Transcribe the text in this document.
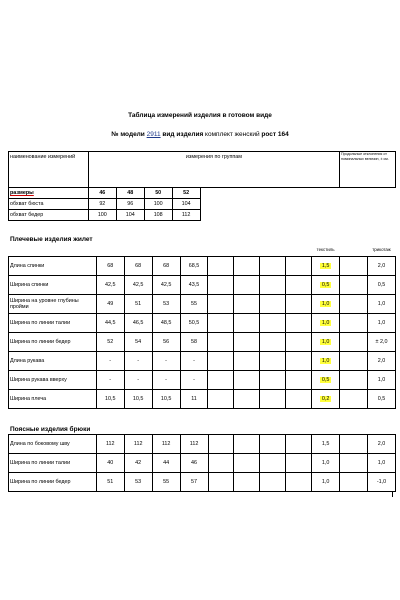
Таблица измерений изделия в готовом виде
№ модели 2911 вид изделия комплект женский рост 164
наименование измерений	измерения по группам									Продольные отклонения от номинальных величин, ± см.
размеры	46	48	50	52						
обхват бюста	92	96	100	104						
обхват бедер	100	104	108	112						
Плечевые изделия жилет
									текстиль		трикотаж
Длина спинки	68	68	68	68,5					1,5		2,0
Ширина спинки	42,5	42,5	42,5	43,5					0,5		0,5
Ширина на уровне глубины пройми	49	51	53	55					1,0		1,0
Ширина по линии талии	44,5	46,5	48,5	50,5					1,0		1,0
Ширина по линии бедер	52	54	56	58					1,0		± 2,0
Длина рукава	-	-	-	-					1,0		2,0
Ширина рукава вверху	-	-	-	-					0,5		1,0
Ширина плеча	10,5	10,5	10,5	11					0,2		0,5
Поясные изделия брюки
Длина по боковому шву	112	112	112	112					1,5		2,0
Ширина по линии талии	40	42	44	46					1,0		1,0
Ширина по линии бедер	51	53	55	57					1,0		-1,0
